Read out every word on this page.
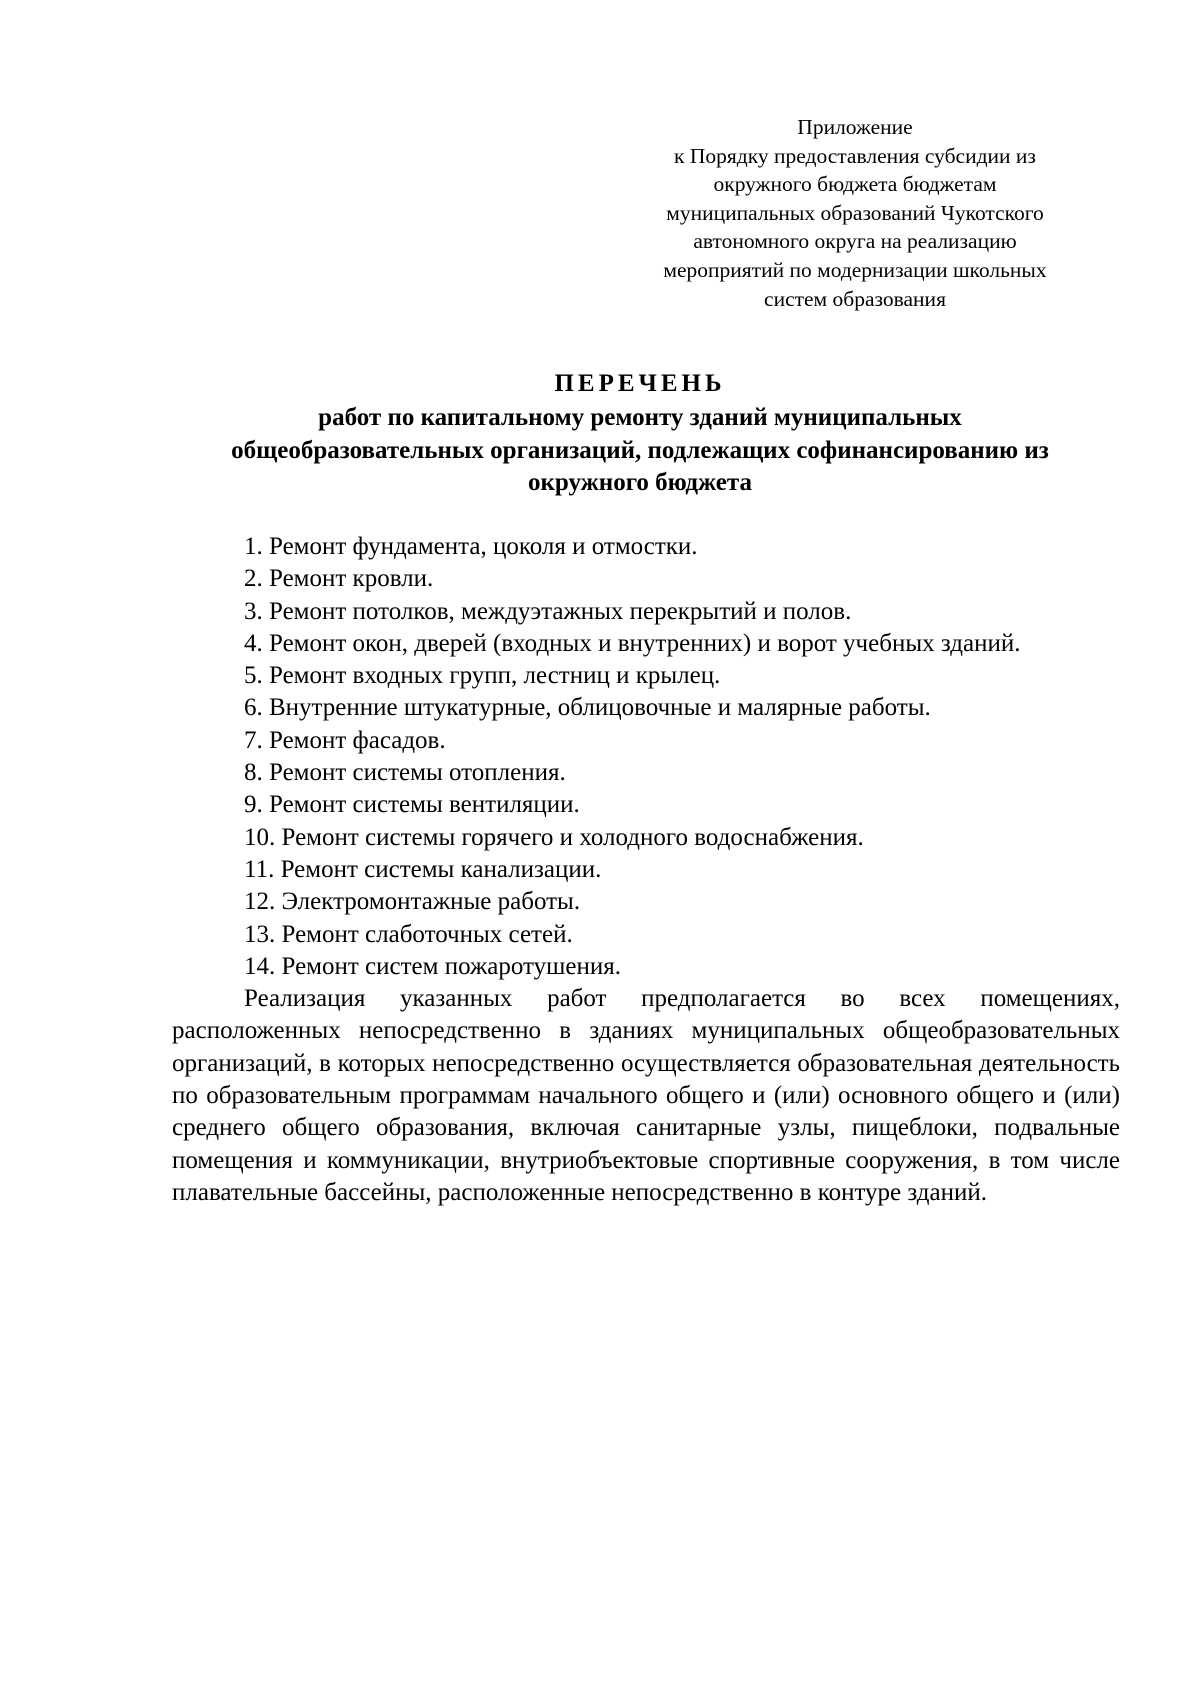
Приложение
к Порядку предоставления субсидии из
окружного бюджета бюджетам
муниципальных образований Чукотского
автономного округа на реализацию
мероприятий по модернизации школьных
систем образования
ПЕРЕЧЕНЬ
работ по капитальному ремонту зданий муниципальных
общеобразовательных организаций, подлежащих софинансированию из
окружного бюджета
1. Ремонт фундамента, цоколя и отмостки.
2. Ремонт кровли.
3. Ремонт потолков, междуэтажных перекрытий и полов.
4. Ремонт окон, дверей (входных и внутренних) и ворот учебных зданий.
5. Ремонт входных групп, лестниц и крылец.
6. Внутренние штукатурные, облицовочные и малярные работы.
7. Ремонт фасадов.
8. Ремонт системы отопления.
9. Ремонт системы вентиляции.
10. Ремонт системы горячего и холодного водоснабжения.
11. Ремонт системы канализации.
12. Электромонтажные работы.
13. Ремонт слаботочных сетей.
14. Ремонт систем пожаротушения.
Реализация указанных работ предполагается во всех помещениях, расположенных непосредственно в зданиях муниципальных общеобразовательных организаций, в которых непосредственно осуществляется образовательная деятельность по образовательным программам начального общего и (или) основного общего и (или) среднего общего образования, включая санитарные узлы, пищеблоки, подвальные помещения и коммуникации, внутриобъектовые спортивные сооружения, в том числе плавательные бассейны, расположенные непосредственно в контуре зданий.
